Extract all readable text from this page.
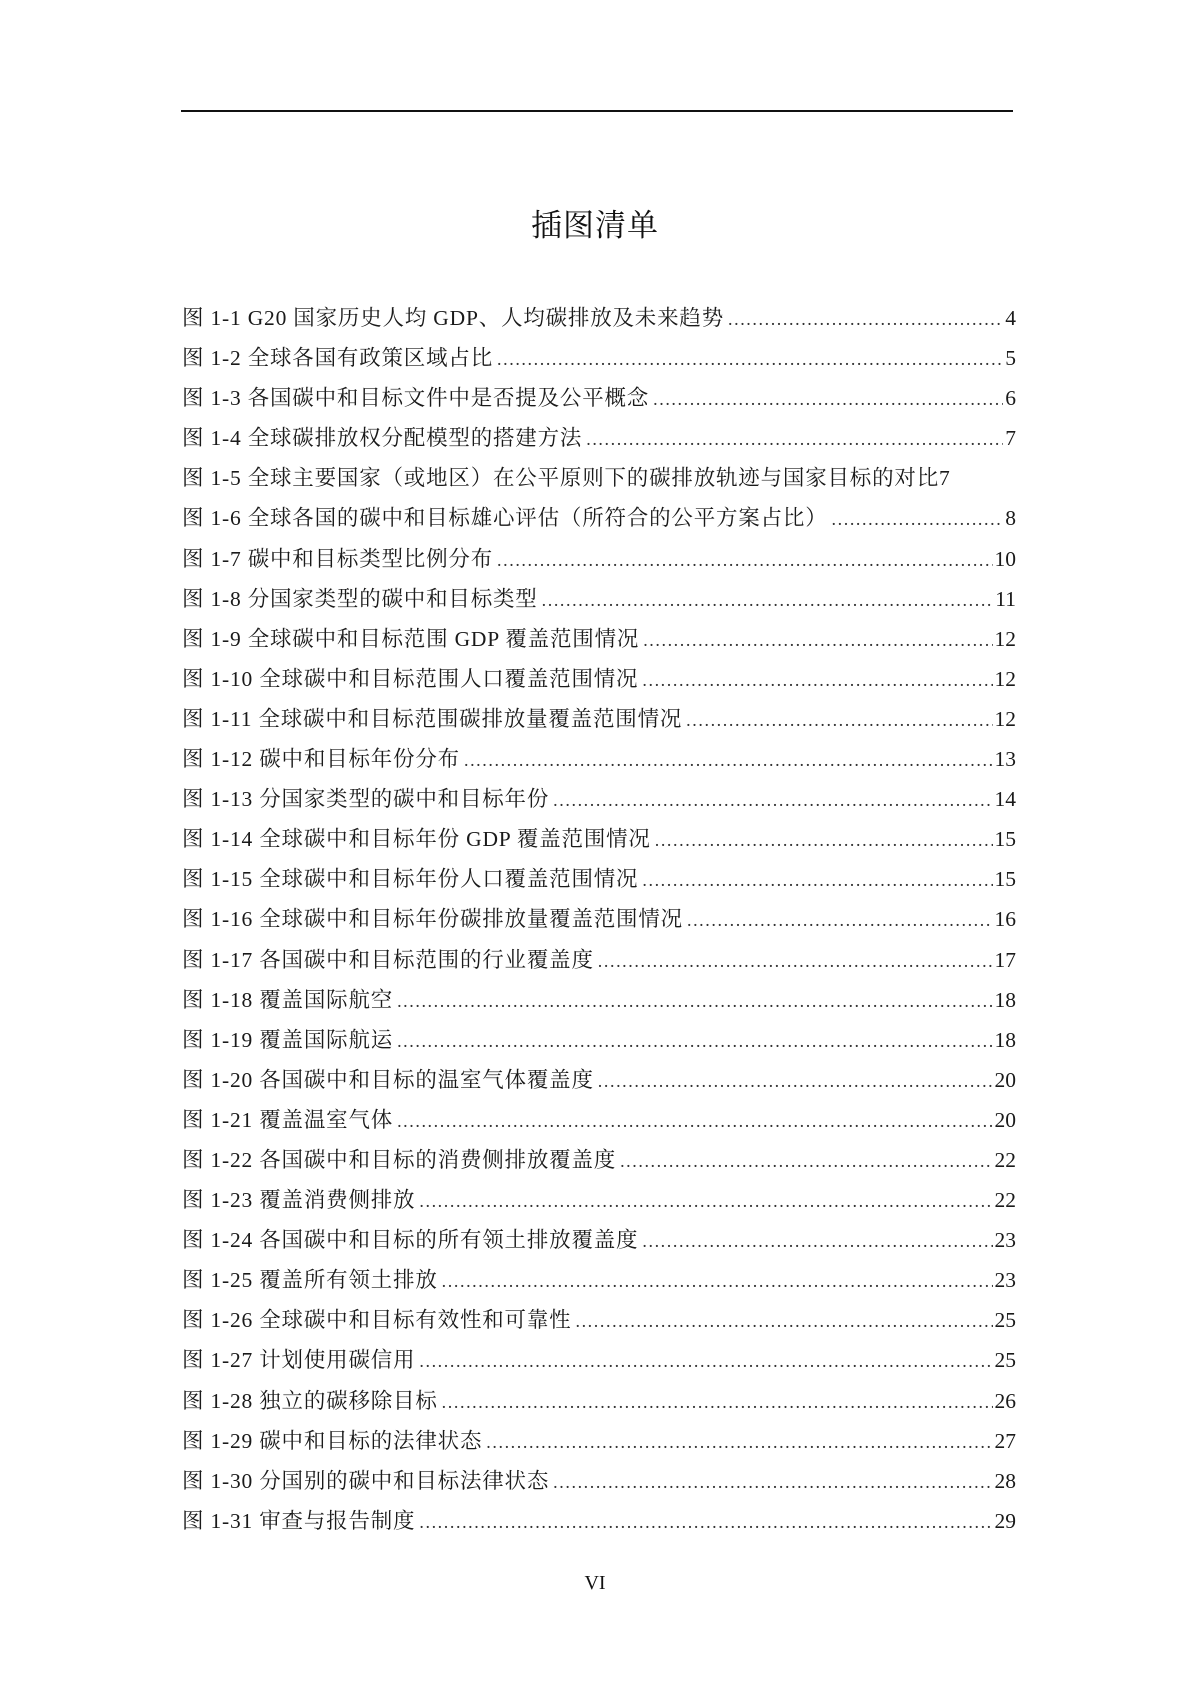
插图清单
图 1-1 G20 国家历史人均 GDP、人均碳排放及未来趋势 .....	4
图 1-2 全球各国有政策区域占比 .....	5
图 1-3 各国碳中和目标文件中是否提及公平概念 .....	6
图 1-4 全球碳排放权分配模型的搭建方法 .....	7
图 1-5 全球主要国家（或地区）在公平原则下的碳排放轨迹与国家目标的对比 7
图 1-6 全球各国的碳中和目标雄心评估（所符合的公平方案占比） .....	8
图 1-7 碳中和目标类型比例分布 .....	10
图 1-8 分国家类型的碳中和目标类型 .....	11
图 1-9 全球碳中和目标范围 GDP 覆盖范围情况 .....	12
图 1-10 全球碳中和目标范围人口覆盖范围情况 .....	12
图 1-11 全球碳中和目标范围碳排放量覆盖范围情况 .....	12
图 1-12 碳中和目标年份分布 .....	13
图 1-13 分国家类型的碳中和目标年份 .....	14
图 1-14 全球碳中和目标年份 GDP 覆盖范围情况 .....	15
图 1-15 全球碳中和目标年份人口覆盖范围情况 .....	15
图 1-16 全球碳中和目标年份碳排放量覆盖范围情况 .....	16
图 1-17 各国碳中和目标范围的行业覆盖度 .....	17
图 1-18 覆盖国际航空 .....	18
图 1-19 覆盖国际航运 .....	18
图 1-20 各国碳中和目标的温室气体覆盖度 .....	20
图 1-21 覆盖温室气体 .....	20
图 1-22 各国碳中和目标的消费侧排放覆盖度 .....	22
图 1-23 覆盖消费侧排放 .....	22
图 1-24 各国碳中和目标的所有领土排放覆盖度 .....	23
图 1-25 覆盖所有领土排放 .....	23
图 1-26 全球碳中和目标有效性和可靠性 .....	25
图 1-27 计划使用碳信用 .....	25
图 1-28 独立的碳移除目标 .....	26
图 1-29 碳中和目标的法律状态 .....	27
图 1-30 分国别的碳中和目标法律状态 .....	28
图 1-31 审查与报告制度 .....	29
VI
